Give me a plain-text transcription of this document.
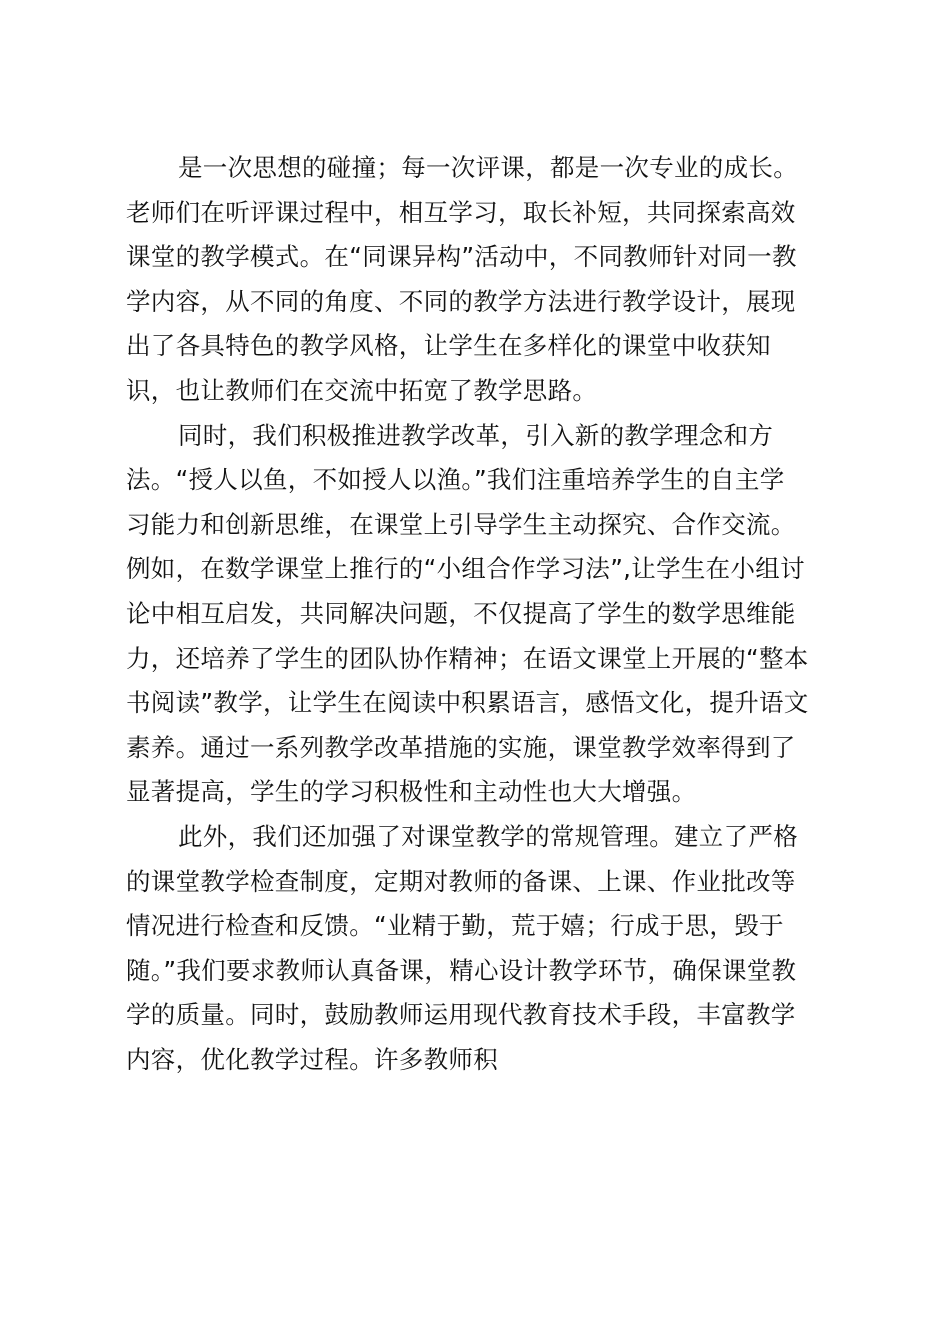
是一次思想的碰撞；每一次评课，都是一次专业的成长。
老师们在听评课过程中，相互学习，取长补短，共同探索高效
课堂的教学模式。在“同课异构”活动中，不同教师针对同一教
学内容，从不同的角度、不同的教学方法进行教学设计，展现
出了各具特色的教学风格，让学生在多样化的课堂中收获知
识，也让教师们在交流中拓宽了教学思路。
同时，我们积极推进教学改革，引入新的教学理念和方
法。“授人以鱼，不如授人以渔。”我们注重培养学生的自主学
习能力和创新思维，在课堂上引导学生主动探究、合作交流。
例如，在数学课堂上推行的“小组合作学习法”,让学生在小组讨
论中相互启发，共同解决问题，不仅提高了学生的数学思维能
力，还培养了学生的团队协作精神；在语文课堂上开展的“整本
书阅读”教学，让学生在阅读中积累语言，感悟文化，提升语文
素养。通过一系列教学改革措施的实施，课堂教学效率得到了
显著提高，学生的学习积极性和主动性也大大增强。
此外，我们还加强了对课堂教学的常规管理。建立了严格
的课堂教学检查制度，定期对教师的备课、上课、作业批改等
情况进行检查和反馈。“业精于勤，荒于嬉；行成于思，毁于
随。”我们要求教师认真备课，精心设计教学环节，确保课堂教
学的质量。同时，鼓励教师运用现代教育技术手段，丰富教学
内容，优化教学过程。许多教师积
